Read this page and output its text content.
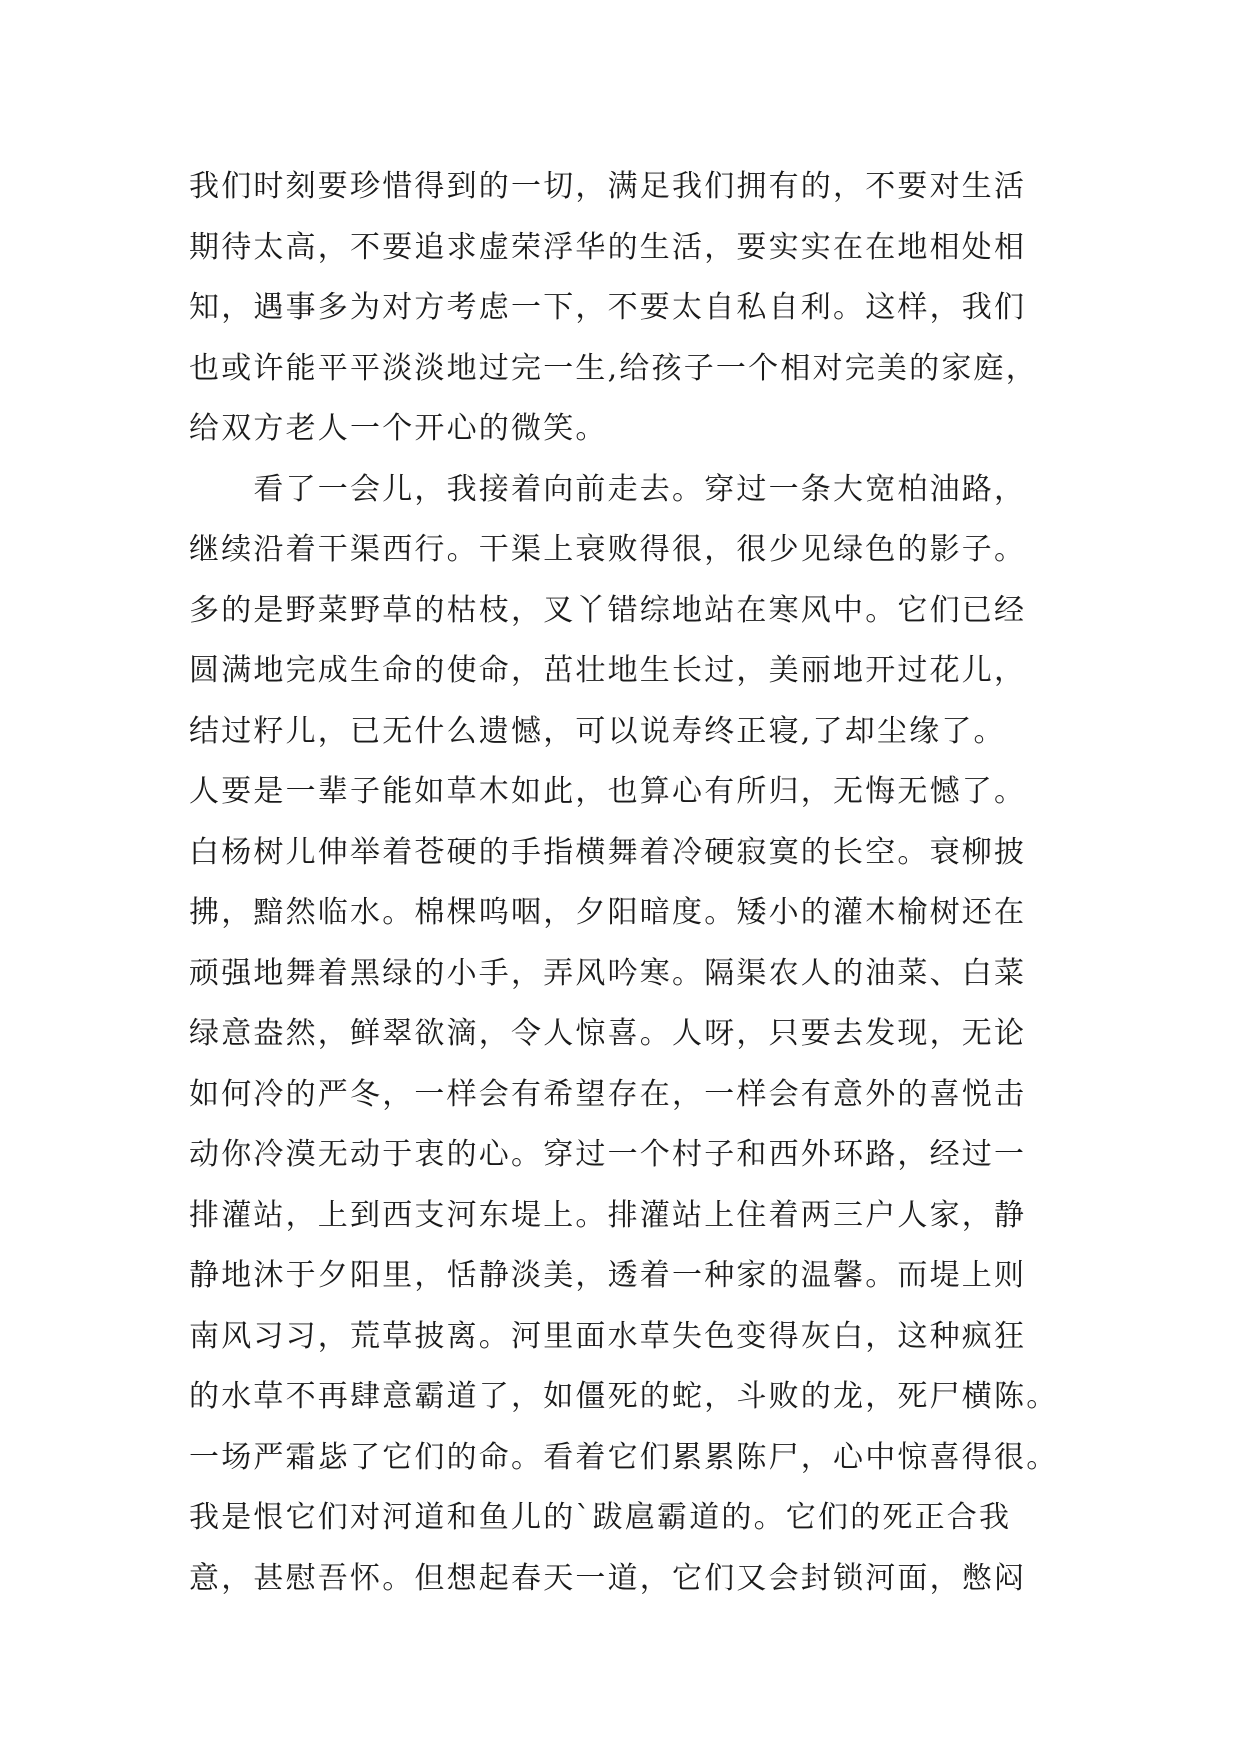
我们时刻要珍惜得到的一切，满足我们拥有的，不要对生活
期待太高，不要追求虚荣浮华的生活，要实实在在地相处相
知，遇事多为对方考虑一下，不要太自私自利。这样，我们
也或许能平平淡淡地过完一生,给孩子一个相对完美的家庭，
给双方老人一个开心的微笑。
　　看了一会儿，我接着向前走去。穿过一条大宽柏油路，
继续沿着干渠西行。干渠上衰败得很，很少见绿色的影子。
多的是野菜野草的枯枝，叉丫错综地站在寒风中。它们已经
圆满地完成生命的使命，茁壮地生长过，美丽地开过花儿，
结过籽儿，已无什么遗憾，可以说寿终正寝,了却尘缘了。
人要是一辈子能如草木如此，也算心有所归，无悔无憾了。
白杨树儿伸举着苍硬的手指横舞着冷硬寂寞的长空。衰柳披
拂，黯然临水。棉棵呜咽，夕阳暗度。矮小的灌木榆树还在
顽强地舞着黑绿的小手，弄风吟寒。隔渠农人的油菜、白菜
绿意盎然，鲜翠欲滴，令人惊喜。人呀，只要去发现，无论
如何冷的严冬，一样会有希望存在，一样会有意外的喜悦击
动你冷漠无动于衷的心。穿过一个村子和西外环路，经过一
排灌站，上到西支河东堤上。排灌站上住着两三户人家，静
静地沐于夕阳里，恬静淡美，透着一种家的温馨。而堤上则
南风习习，荒草披离。河里面水草失色变得灰白，这种疯狂
的水草不再肆意霸道了，如僵死的蛇，斗败的龙，死尸横陈。
一场严霜毖了它们的命。看着它们累累陈尸，心中惊喜得很。
我是恨它们对河道和鱼儿的`跋扈霸道的。它们的死正合我
意，甚慰吾怀。但想起春天一道，它们又会封锁河面，憋闷
